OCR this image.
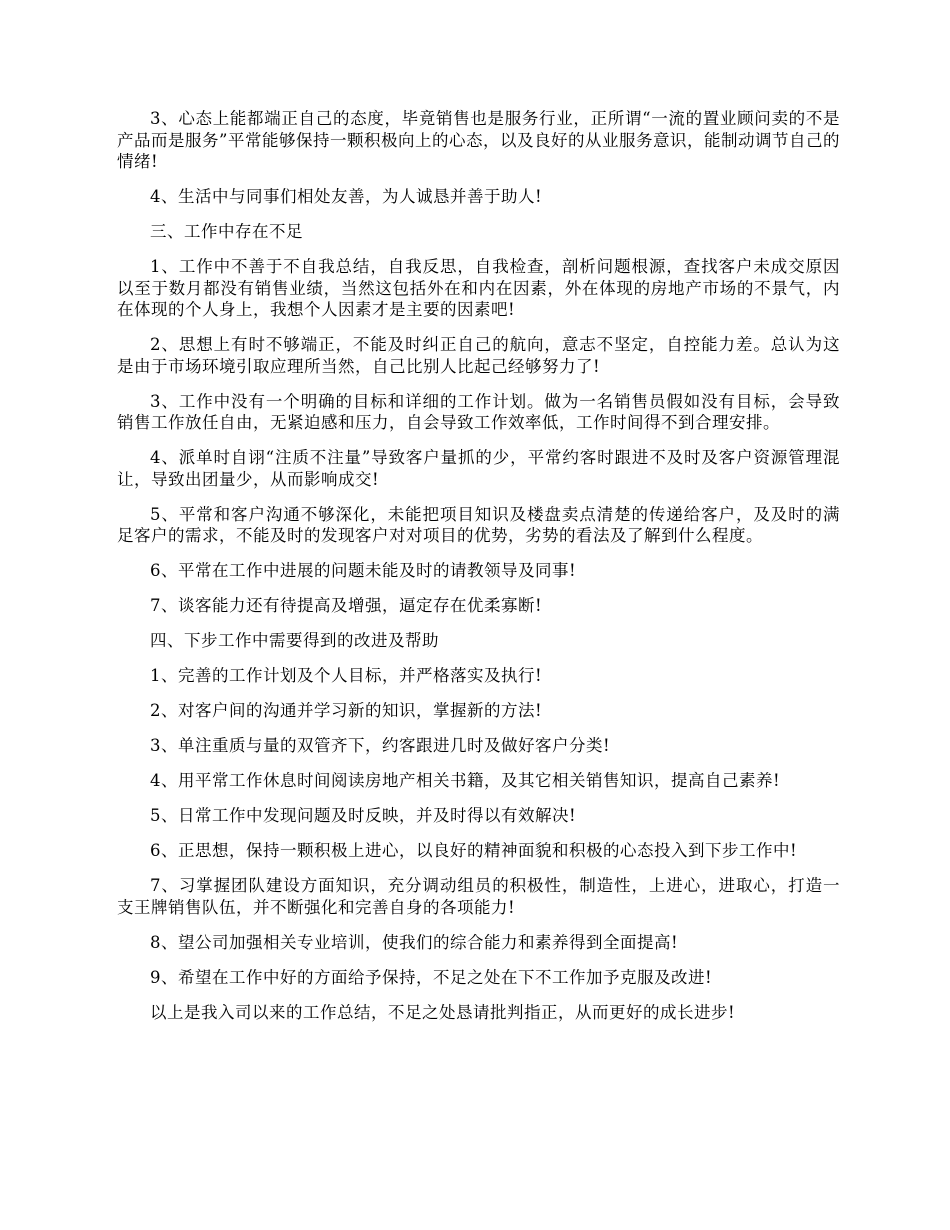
3、心态上能都端正自己的态度，毕竟销售也是服务行业，正所谓“一流的置业顾问卖的不是产品而是服务”平常能够保持一颗积极向上的心态，以及良好的从业服务意识，能制动调节自己的情绪!

4、生活中与同事们相处友善，为人诚恳并善于助人!

三、工作中存在不足

1、工作中不善于不自我总结，自我反思，自我检查，剖析问题根源，查找客户未成交原因以至于数月都没有销售业绩，当然这包括外在和内在因素，外在体现的房地产市场的不景气，内在体现的个人身上，我想个人因素才是主要的因素吧!

2、思想上有时不够端正，不能及时纠正自己的航向，意志不坚定，自控能力差。总认为这是由于市场环境引取应理所当然，自己比别人比起己经够努力了!

3、工作中没有一个明确的目标和详细的工作计划。做为一名销售员假如没有目标，会导致销售工作放任自由，无紧迫感和压力，自会导致工作效率低，工作时间得不到合理安排。

4、派单时自诩“注质不注量”导致客户量抓的少，平常约客时跟进不及时及客户资源管理混让，导致出团量少，从而影响成交!

5、平常和客户沟通不够深化，未能把项目知识及楼盘卖点清楚的传递给客户，及及时的满足客户的需求，不能及时的发现客户对对项目的优势，劣势的看法及了解到什么程度。

6、平常在工作中进展的问题未能及时的请教领导及同事!

7、谈客能力还有待提高及增强，逼定存在优柔寡断!

四、下步工作中需要得到的改进及帮助

1、完善的工作计划及个人目标，并严格落实及执行!

2、对客户间的沟通并学习新的知识，掌握新的方法!

3、单注重质与量的双管齐下，约客跟进几时及做好客户分类!

4、用平常工作休息时间阅读房地产相关书籍，及其它相关销售知识，提高自己素养!

5、日常工作中发现问题及时反映，并及时得以有效解决!

6、正思想，保持一颗积极上进心，以良好的精神面貌和积极的心态投入到下步工作中!

7、习掌握团队建设方面知识，充分调动组员的积极性，制造性，上进心，进取心，打造一支王牌销售队伍，并不断强化和完善自身的各项能力!

8、望公司加强相关专业培训，使我们的综合能力和素养得到全面提高!

9、希望在工作中好的方面给予保持，不足之处在下不工作加予克服及改进!

以上是我入司以来的工作总结，不足之处恳请批判指正，从而更好的成长进步!
